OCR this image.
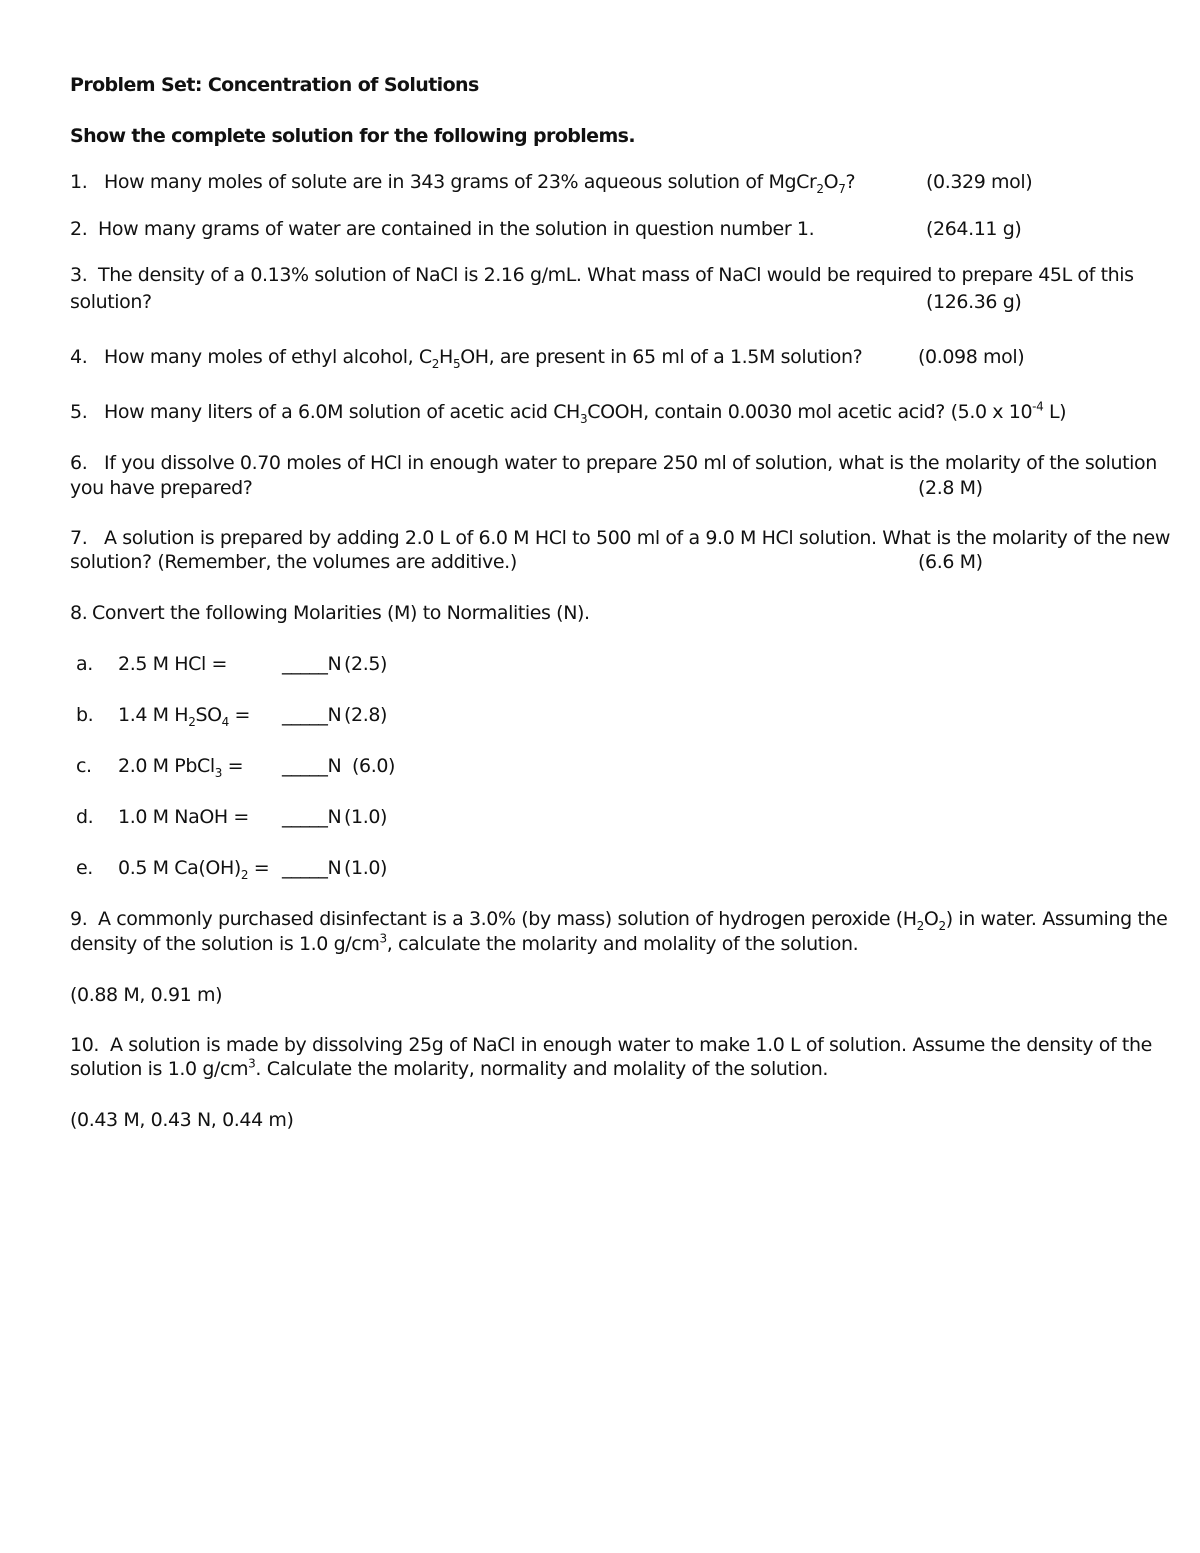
Problem Set: Concentration of Solutions
Show the complete solution for the following problems.
1. How many moles of solute are in 343 grams of 23% aqueous solution of $MgCr_2O_7$?	(0.329 mol)
2. How many grams of water are contained in the solution in question number 1.	(264.11 g)
3. The density of a 0.13% solution of NaCl is 2.16 g/mL. What mass of NaCl would be required to prepare 45L of this
solution?	(126.36 g)
4. How many moles of ethyl alcohol, $C_2H_5OH$, are present in 65 ml of a 1.5M solution?	(0.098 mol)
5. How many liters of a 6.0M solution of acetic acid $CH_3COOH$, contain 0.0030 mol acetic acid? (5.0 x $10^{-4}$ L)
6. If you dissolve 0.70 moles of HCl in enough water to prepare 250 ml of solution, what is the molarity of the solution
you have prepared?	(2.8 M)
7. A solution is prepared by adding 2.0 L of 6.0 M HCl to 500 ml of a 9.0 M HCl solution. What is the molarity of the new
solution? (Remember, the volumes are additive.)	(6.6 M)
8. Convert the following Molarities (M) to Normalities (N).
a. 2.5 M HCl =	_____N (2.5)
b. 1.4 M $H_2SO_4$ = _____N (2.8)
c. 2.0 M PbCl$_3$ = _____N (6.0)
d. 1.0 M NaOH = _____N (1.0)
e. 0.5 M $Ca(OH)_2$ = _____N (1.0)
9. A commonly purchased disinfectant is a 3.0% (by mass) solution of hydrogen peroxide $(H_2O_2)$ in water. Assuming the
density of the solution is 1.0 $g/cm^3$, calculate the molarity and molality of the solution.
(0.88 M, 0.91 m)
10. A solution is made by dissolving 25g of NaCl in enough water to make 1.0 L of solution. Assume the density of the
solution is 1.0 $g/cm^3$. Calculate the molarity, normality and molality of the solution.
(0.43 M, 0.43 N, 0.44 m)
